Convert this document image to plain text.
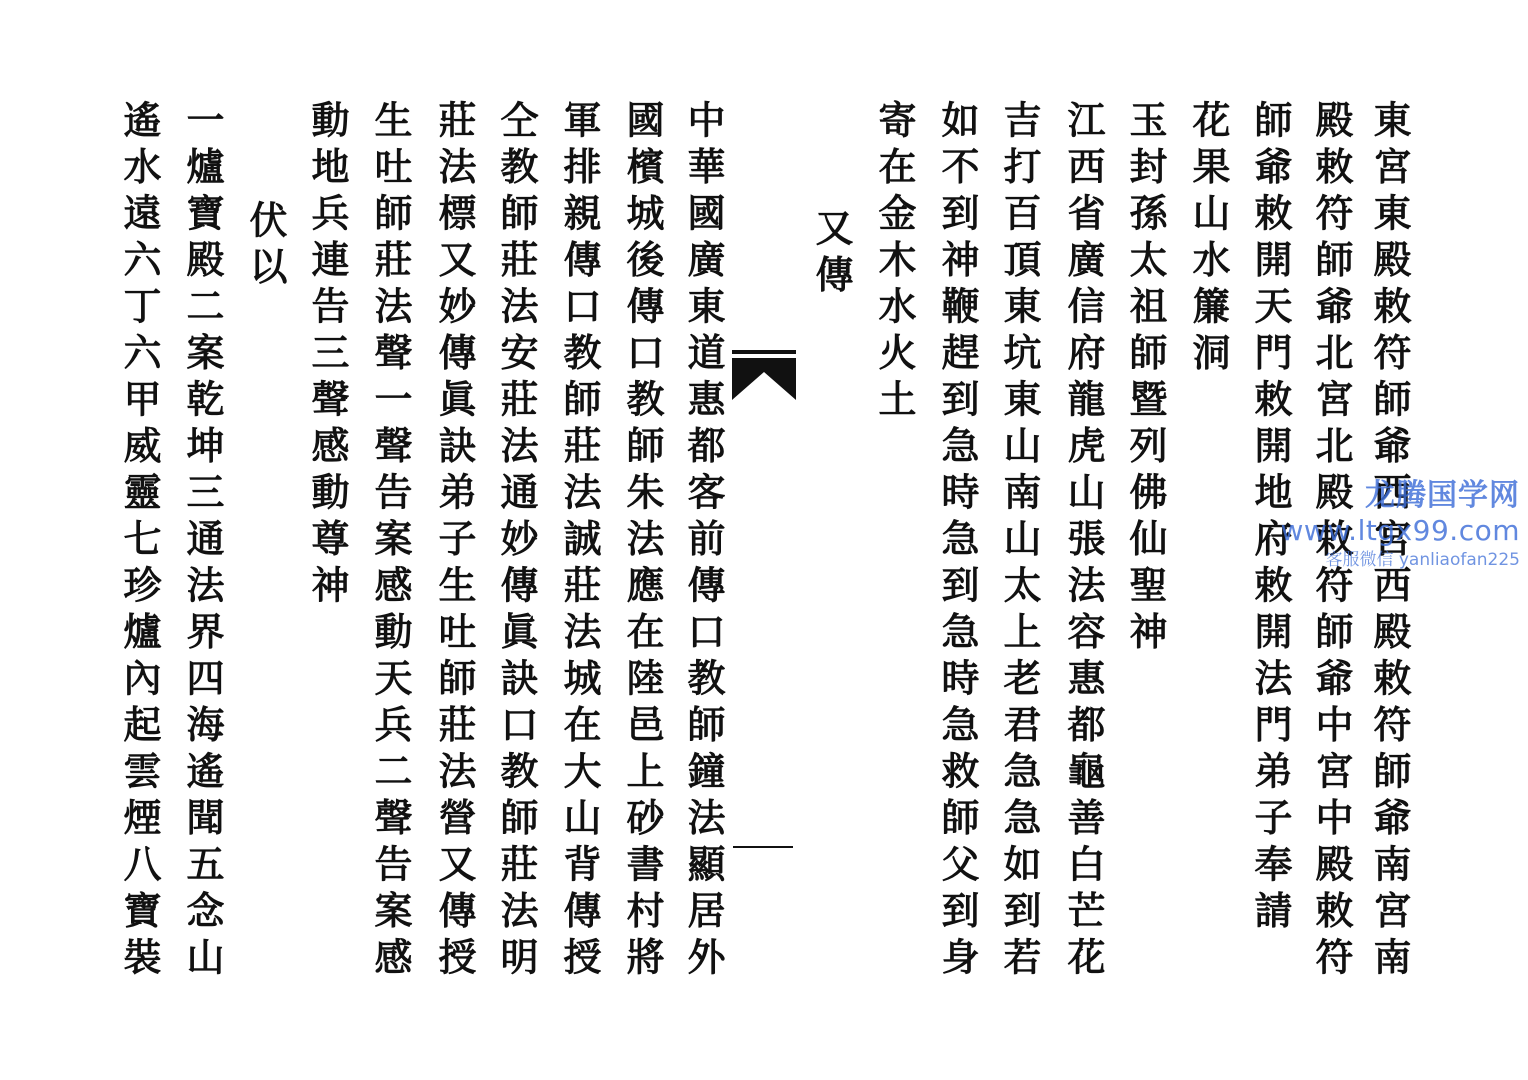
東宮東殿敕符師爺西宮西殿敕符師爺南宮南
殿敕符師爺北宮北殿敕符師爺中宮中殿敕符
師爺敕開天門敕開地府敕開法門弟子奉請
花果山水簾洞
玉封孫太祖師暨列佛仙聖神
江西省廣信府龍虎山張法容惠都龜善白芒花
吉打百頂東坑東山南山太上老君急急如到若
如不到神鞭趕到急時急到急時急救師父到身
寄在金木水火土
又傳
中華國廣東道惠都客前傳口教師鐘法顯居外
國檳城後傳口教師朱法應在陸邑上砂書村將
軍排親傳口教師莊法誠莊法城在大山背傳授
仝教師莊法安莊法通妙傳眞訣口教師莊法明
莊法標又妙傳眞訣弟子生吐師莊法營又傳授
生吐師莊法聲一聲告案感動天兵二聲告案感
動地兵連告三聲感動尊神
伏以
一爐寶殿二案乾坤三通法界四海遙聞五念山
遙水遠六丁六甲威靈七珍爐內起雲煙八寶裝	龙腾国学网
www.ltgx99.com
客服微信 yanliaofan225
